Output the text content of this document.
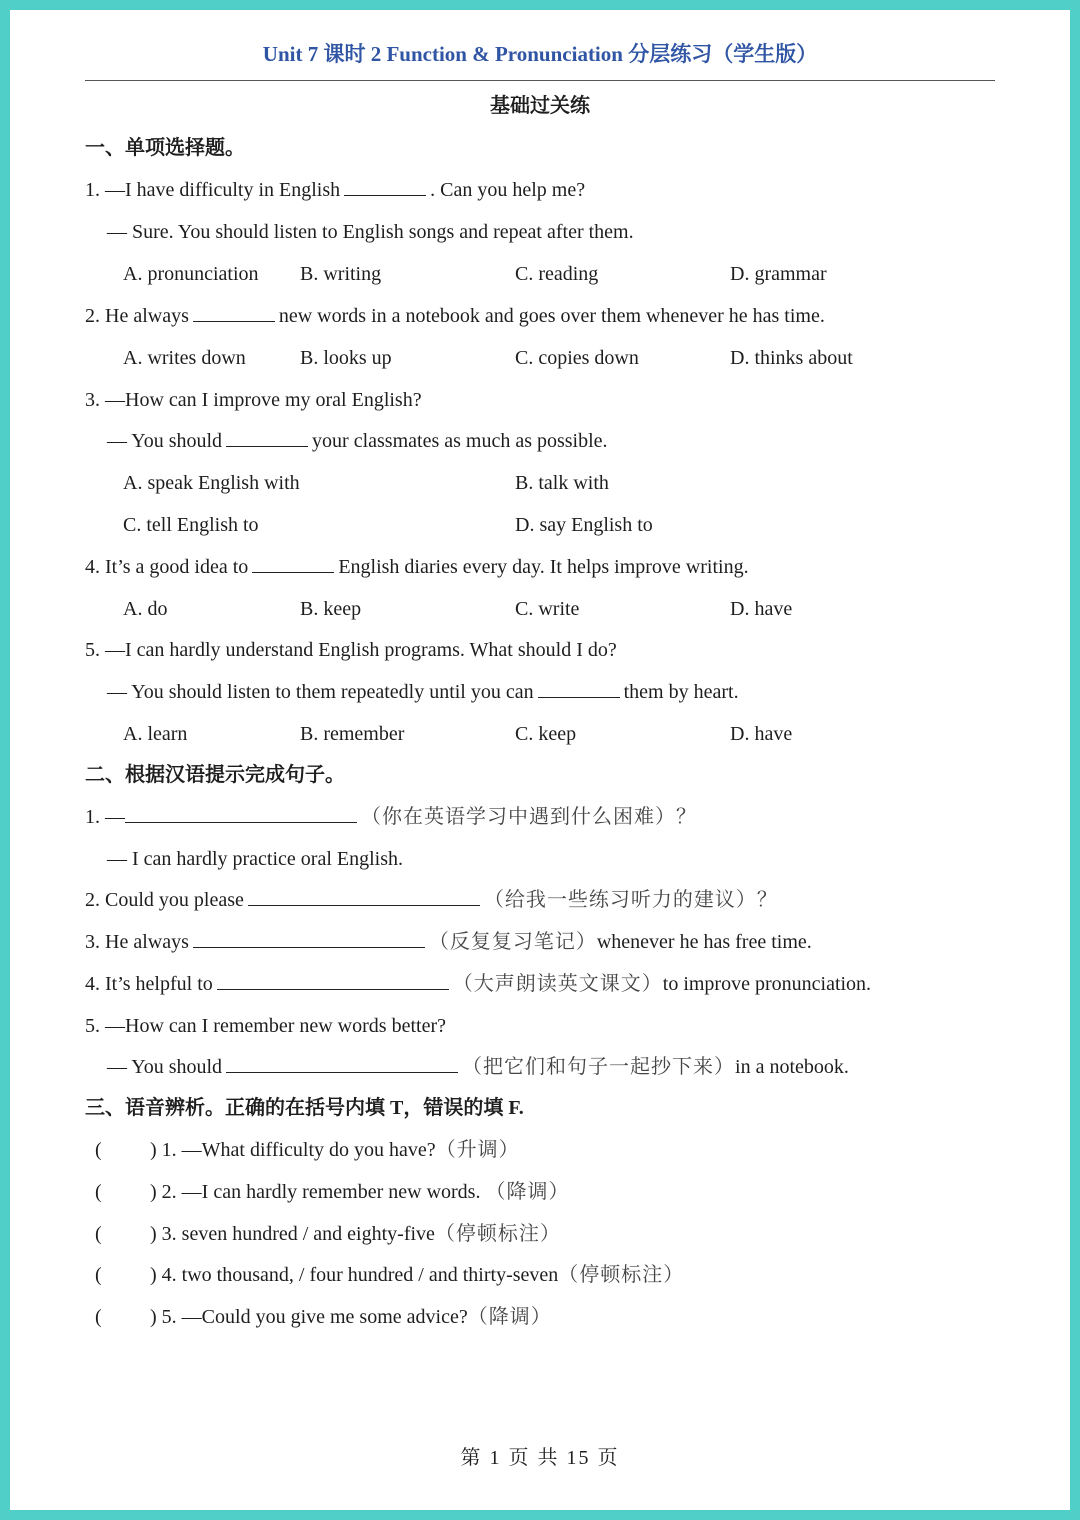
Unit 7 课时 2 Function & Pronunciation 分层练习（学生版）
基础过关练
一、单项选择题。
1. —I have difficulty in English	. Can you help me?
— Sure. You should listen to English songs and repeat after them.
A. pronunciation B. writing	C. reading	D. grammar
2. He always	new words in a notebook and goes over them whenever he has time.
A. writes down	B. looks up	C. copies down	D. thinks about
3. —How can I improve my oral English?
— You should	your classmates as much as possible.
A. speak English with	B. talk with
C. tell English to	D. say English to
4. It’s a good idea to	English diaries every day. It helps improve writing.
A. do	B. keep	C. write	D. have
5. —I can hardly understand English programs. What should I do?
— You should listen to them repeatedly until you can	them by heart.
A. learn	B. remember	C. keep	D. have
二、根据汉语提示完成句子。
1. —	（你在英语学习中遇到什么困难）？
— I can hardly practice oral English.
2. Could you please	（给我一些练习听力的建议）？
3. He always	（反复复习笔记）whenever he has free time.
4. It’s helpful to	（大声朗读英文课文）to improve pronunciation.
5. —How can I remember new words better?
— You should	（把它们和句子一起抄下来）in a notebook.
三、语音辨析。正确的在括号内填 T，错误的填 F.
( ) 1. —What difficulty do you have?（升调）
( ) 2. —I can hardly remember new words. （降调）
( ) 3. seven hundred / and eighty-five（停顿标注）
( ) 4. two thousand, / four hundred / and thirty-seven（停顿标注）
( ) 5. —Could you give me some advice?（降调）
第 1 页 共 15 页
